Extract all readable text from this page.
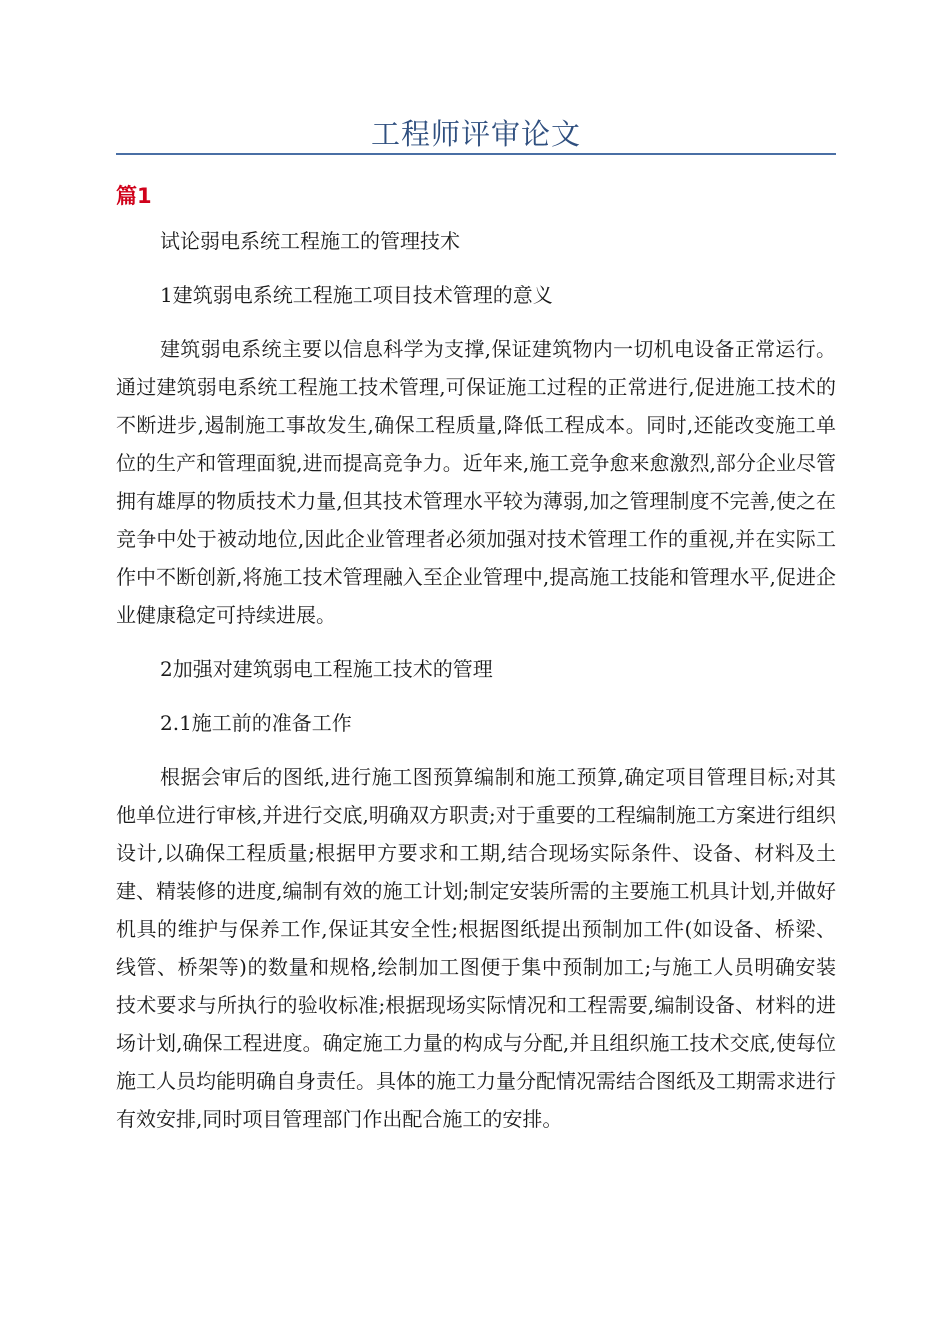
工程师评审论文
篇1

试论弱电系统工程施工的管理技术

1建筑弱电系统工程施工项目技术管理的意义

建筑弱电系统主要以信息科学为支撑,保证建筑物内一切机电设备正常运行。通过建筑弱电系统工程施工技术管理,可保证施工过程的正常进行,促进施工技术的不断进步,遏制施工事故发生,确保工程质量,降低工程成本。同时,还能改变施工单位的生产和管理面貌,进而提高竞争力。近年来,施工竞争愈来愈激烈,部分企业尽管拥有雄厚的物质技术力量,但其技术管理水平较为薄弱,加之管理制度不完善,使之在竞争中处于被动地位,因此企业管理者必须加强对技术管理工作的重视,并在实际工作中不断创新,将施工技术管理融入至企业管理中,提高施工技能和管理水平,促进企业健康稳定可持续进展。

2加强对建筑弱电工程施工技术的管理

2.1施工前的准备工作

根据会审后的图纸,进行施工图预算编制和施工预算,确定项目管理目标;对其他单位进行审核,并进行交底,明确双方职责;对于重要的工程编制施工方案进行组织设计,以确保工程质量;根据甲方要求和工期,结合现场实际条件、设备、材料及土建、精装修的进度,编制有效的施工计划;制定安装所需的主要施工机具计划,并做好机具的维护与保养工作,保证其安全性;根据图纸提出预制加工件(如设备、桥梁、线管、桥架等)的数量和规格,绘制加工图便于集中预制加工;与施工人员明确安装技术要求与所执行的验收标准;根据现场实际情况和工程需要,编制设备、材料的进场计划,确保工程进度。确定施工力量的构成与分配,并且组织施工技术交底,使每位施工人员均能明确自身责任。具体的施工力量分配情况需结合图纸及工期需求进行有效安排,同时项目管理部门作出配合施工的安排。
